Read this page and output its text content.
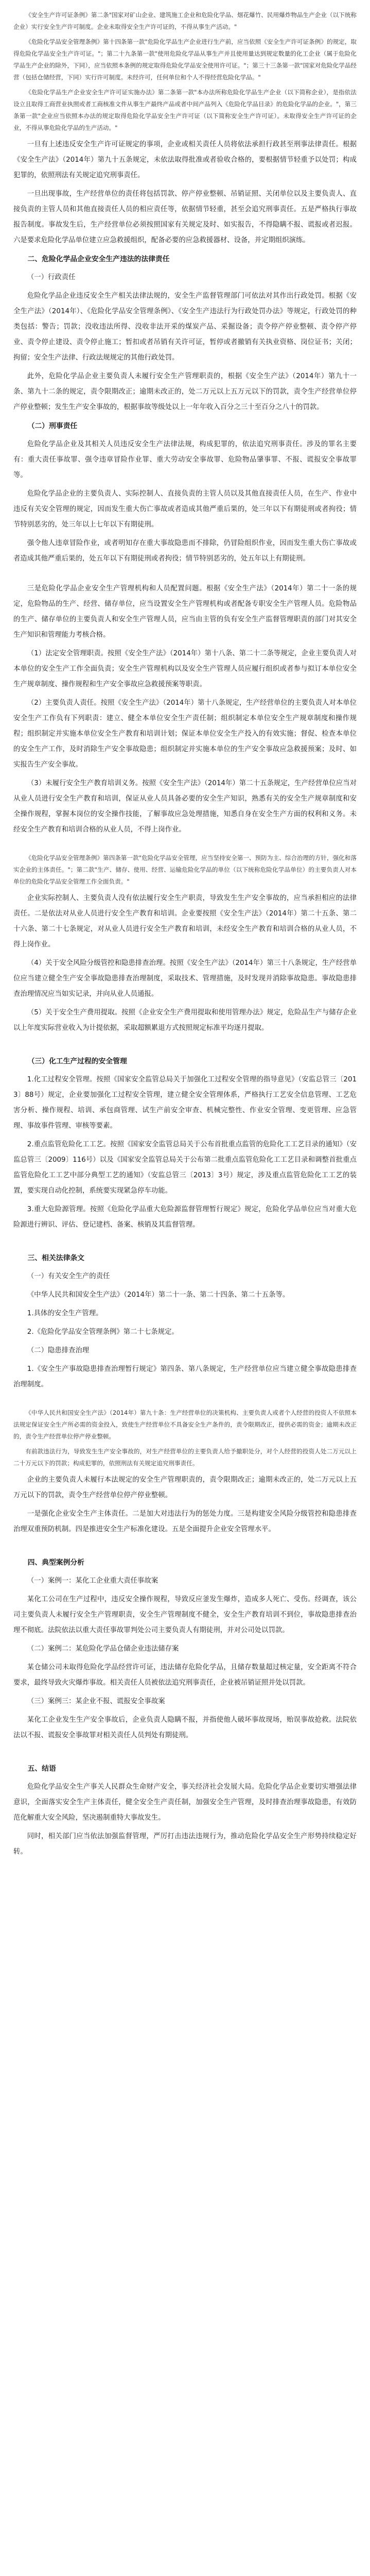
《安全生产许可证条例》第二条"国家对矿山企业、建筑施工企业和危险化学品、烟花爆竹、民用爆炸物品生产企业（以下统称企业）实行安全生产许可制度。企业未取得安全生产许可证的，不得从事生产活动。"

《危险化学品安全管理条例》第十四条第一款"危险化学品生产企业进行生产前，应当依照《安全生产许可证条例》的规定，取得危险化学品安全生产许可证。"；第二十九条第一款"使用危险化学品从事生产并且使用量达到规定数量的化工企业（属于危险化学品生产企业的除外，下同），应当依照本条例的规定取得危险化学品安全使用许可证。"；第三十三条第一款"国家对危险化学品经营（包括仓储经营，下同）实行许可制度。未经许可，任何单位和个人不得经营危险化学品。"

《危险化学品生产企业安全生产许可证实施办法》第二条第一款"本办法所称危险化学品生产企业（以下简称企业），是指依法设立且取得工商营业执照或者工商核准文件从事生产最终产品或者中间产品列入《危险化学品目录》的危险化学品的企业。"，第三条第一款"企业应当依照本办法的规定取得危险化学品安全生产许可证（以下简称安全生产许可证）。未取得安全生产许可证的企业，不得从事危险化学品的生产活动。"

一旦有上述违反安全生产许可证规定的事项，企业或相关责任人员将依法承担行政甚至刑事法律责任。根据《安全生产法》（2014年）第九十五条规定，未依法取得批准或者验收合格的，要根据情节轻重予以处罚；构成犯罪的，依照刑法有关规定追究刑事责任。

一旦出现事故，生产经营单位的责任将包括罚款、停产停业整顿、吊销证照、关闭单位以及主要负责人、直接负责的主管人员和其他直接责任人员的相应责任等，依据情节轻重，甚至会追究刑事责任。五是严格执行事故报告制度。事故发生后，生产经营单位必须按照国家有关规定及时、如实报告，不得隐瞒不报、谎报或者迟报。六是要求危险化学品单位建立应急救援组织，配备必要的应急救援器材、设备，并定期组织演练。

二、危险化学品企业安全生产违法的法律责任

（一）行政责任

危险化学品企业违反安全生产相关法律法规的，安全生产监督管理部门可依法对其作出行政处罚。根据《安全生产法》（2014年）、《危险化学品安全管理条例》、《安全生产违法行为行政处罚办法》等规定，行政处罚的种类包括：警告；罚款；没收违法所得、没收非法开采的煤炭产品、采掘设备；责令停产停业整顿、责令停产停业、责令停止建设、责令停止施工；暂扣或者吊销有关许可证，暂停或者撤销有关执业资格、岗位证书；关闭；拘留；安全生产法律、行政法规规定的其他行政处罚。

此外，危险化学品企业主要负责人未履行安全生产管理职责的，根据《安全生产法》（2014年）第九十一条、第九十二条的规定，责令限期改正；逾期未改正的，处二万元以上五万元以下的罚款，责令生产经营单位停产停业整顿；发生生产安全事故的，根据事故等级处以上一年年收入百分之三十至百分之八十的罚款。

（二）刑事责任

危险化学品企业及其相关人员违反安全生产法律法规，构成犯罪的，依法追究刑事责任。涉及的罪名主要有：重大责任事故罪、强令违章冒险作业罪、重大劳动安全事故罪、危险物品肇事罪、不报、谎报安全事故罪等。

危险化学品企业的主要负责人、实际控制人、直接负责的主管人员以及其他直接责任人员，在生产、作业中违反有关安全管理的规定，因而发生重大伤亡事故或者造成其他严重后果的，处三年以下有期徒刑或者拘役；情节特别恶劣的，处三年以上七年以下有期徒刑。

强令他人违章冒险作业，或者明知存在重大事故隐患而不排除，仍冒险组织作业，因而发生重大伤亡事故或者造成其他严重后果的，处五年以下有期徒刑或者拘役；情节特别恶劣的，处五年以上有期徒刑。

三是危险化学品企业安全生产管理机构和人员配置问题。根据《安全生产法》（2014年）第二十一条的规定，危险物品的生产、经营、储存单位，应当设置安全生产管理机构或者配备专职安全生产管理人员。危险物品的生产、储存单位的主要负责人和安全生产管理人员，应当由主管的负有安全生产监督管理职责的部门对其安全生产知识和管理能力考核合格。

（1）法定安全管理职责。按照《安全生产法》（2014年）第十八条、第二十二条等规定，企业主要负责人对本单位的安全生产工作全面负责；安全生产管理机构以及安全生产管理人员应履行组织或者参与拟订本单位安全生产规章制度、操作规程和生产安全事故应急救援预案等职责。

（2）主要负责人责任。按照《安全生产法》（2014年）第十八条规定，生产经营单位的主要负责人对本单位安全生产工作负有下列职责：建立、健全本单位安全生产责任制；组织制定本单位安全生产规章制度和操作规程；组织制定并实施本单位安全生产教育和培训计划；保证本单位安全生产投入的有效实施；督促、检查本单位的安全生产工作，及时消除生产安全事故隐患；组织制定并实施本单位的生产安全事故应急救援预案；及时、如实报告生产安全事故。

（3）未履行安全生产教育培训义务。按照《安全生产法》（2014年）第二十五条规定，生产经营单位应当对从业人员进行安全生产教育和培训，保证从业人员具备必要的安全生产知识，熟悉有关的安全生产规章制度和安全操作规程，掌握本岗位的安全操作技能，了解事故应急处理措施，知悉自身在安全生产方面的权利和义务。未经安全生产教育和培训合格的从业人员，不得上岗作业。

《危险化学品安全管理条例》第四条第一款"危险化学品安全管理，应当坚持安全第一、预防为主、综合治理的方针，强化和落实企业的主体责任。"；第二款"生产、储存、使用、经营、运输危险化学品的单位（以下统称危险化学品单位）的主要负责人对本单位的危险化学品安全管理工作全面负责。"

企业实际控制人、主要负责人没有依法履行安全生产职责，导致发生生产安全事故的，应当承担相应的法律责任。二是依法对从业人员进行安全生产教育和培训。企业要按照《安全生产法》（2014年）第二十五条、第二十六条、第二十七条规定，对从业人员进行安全生产教育和培训，未经安全生产教育和培训合格的从业人员，不得上岗作业。

（4）关于安全风险分级管控和隐患排查治理。按照《安全生产法》（2014年）第三十八条规定，生产经营单位应当建立健全生产安全事故隐患排查治理制度，采取技术、管理措施，及时发现并消除事故隐患。事故隐患排查治理情况应当如实记录，并向从业人员通报。

（5）关于安全生产费用提取。按照《企业安全生产费用提取和使用管理办法》规定，危险品生产与储存企业以上年度实际营业收入为计提依据，采取超额累退方式按照规定标准平均逐月提取。

（三）化工生产过程的安全管理

1.化工过程安全管理。按照《国家安全监管总局关于加强化工过程安全管理的指导意见》（安监总管三〔2013〕88号）规定，企业要加强化工过程安全管理，建立健全安全管理体系，严格执行工艺安全信息管理、工艺危害分析、操作规程、培训、承包商管理、试生产前安全审查、机械完整性、作业安全管理、变更管理、应急管理、事故事件管理、审核等要素。

2.重点监管危险化工工艺。按照《国家安全监管总局关于公布首批重点监管的危险化工工艺目录的通知》（安监总管三〔2009〕116号）以及《国家安全监管总局关于公布第二批重点监管危险化工工艺目录和调整首批重点监管危险化工工艺中部分典型工艺的通知》（安监总管三〔2013〕3号）规定，涉及重点监管危险化工工艺的装置，要实现自动化控制，系统要实现紧急停车功能。

3.重大危险源管理。按照《危险化学品重大危险源监督管理暂行规定》规定，危险化学品单位应当对重大危险源进行辨识、评估、登记建档、备案、核销及其监督管理。

三、相关法律条文

（一）有关安全生产的责任

《中华人民共和国安全生产法》（2014年）第二十一条、第二十四条、第二十五条等。

1.具体的安全生产管理。

2.《危险化学品安全管理条例》第二十七条规定。

（二）隐患排查治理

1.《安全生产事故隐患排查治理暂行规定》第四条、第八条规定，生产经营单位应当建立健全事故隐患排查治理制度。

《中华人民共和国安全生产法》（2014年）第九十条：生产经营单位的决策机构、主要负责人或者个人经营的投资人不依照本法规定保证安全生产所必需的资金投入，致使生产经营单位不具备安全生产条件的，责令限期改正，提供必需的资金；逾期未改正的，责令生产经营单位停产停业整顿。

有前款违法行为，导致发生生产安全事故的，对生产经营单位的主要负责人给予撤职处分，对个人经营的投资人处二万元以上二十万元以下的罚款；构成犯罪的，依照刑法有关规定追究刑事责任。

企业的主要负责人未履行本法规定的安全生产管理职责的，责令限期改正；逾期未改正的，处二万元以上五万元以下的罚款，责令生产经营单位停产停业整顿。

一是强化企业安全生产主体责任。二是加大对违法行为的惩处力度。三是构建安全风险分级管控和隐患排查治理双重预防机制。四是推进安全生产标准化建设。五是全面提升企业安全管理水平。

四、典型案例分析

（一）案例一：某化工企业重大责任事故案

某化工公司在生产过程中，违反安全操作规程，导致反应釜发生爆炸，造成多人死亡、受伤。经调查，该公司主要负责人未履行安全生产管理职责，安全生产管理制度不健全，安全生产教育培训不到位，事故隐患排查治理不彻底。法院依法以重大责任事故罪判处公司主要负责人有期徒刑，并对公司处以罚款。

（二）案例二：某危险化学品仓储企业违法储存案

某仓储公司未取得危险化学品经营许可证，违法储存危险化学品，且储存数量超过核定量，安全距离不符合要求，最终导致火灾爆炸事故。相关责任人员被依法追究刑事责任，企业被吊销证照并处以罚款。

（三）案例三：某企业不报、谎报安全事故案

某化工企业发生生产安全事故后，企业负责人隐瞒不报，并指使他人破坏事故现场，贻误事故抢救。法院依法以不报、谎报安全事故罪对相关责任人员判处有期徒刑。

五、结语

危险化学品安全生产事关人民群众生命财产安全，事关经济社会发展大局。危险化学品企业要切实增强法律意识，全面落实安全生产主体责任，健全安全生产责任制，加强安全生产管理，及时排查治理事故隐患，有效防范化解重大安全风险，坚决遏制重特大事故发生。

同时，相关部门应当依法加强监督管理，严厉打击违法违规行为，推动危险化学品安全生产形势持续稳定好转。
